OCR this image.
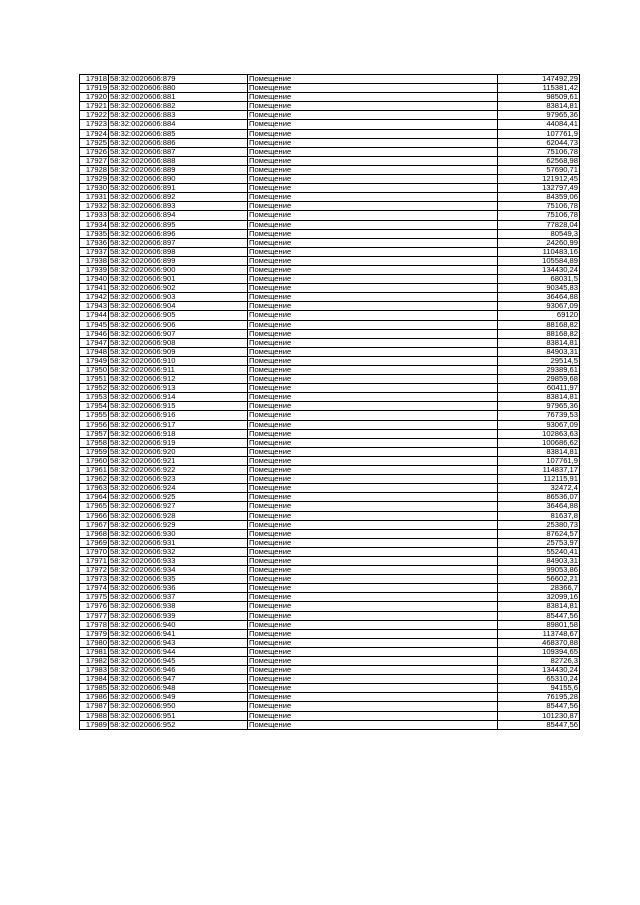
17918	58:32:0020606:879	Помещение	147492,29
17919	58:32:0020606:880	Помещение	115381,42
17920	58:32:0020606:881	Помещение	98509,61
17921	58:32:0020606:882	Помещение	83814,81
17922	58:32:0020606:883	Помещение	97965,36
17923	58:32:0020606:884	Помещение	44084,41
17924	58:32:0020606:885	Помещение	107761,9
17925	58:32:0020606:886	Помещение	62044,73
17926	58:32:0020606:887	Помещение	75106,78
17927	58:32:0020606:888	Помещение	62568,98
17928	58:32:0020606:889	Помещение	57690,71
17929	58:32:0020606:890	Помещение	121912,45
17930	58:32:0020606:891	Помещение	132797,49
17931	58:32:0020606:892	Помещение	84359,06
17932	58:32:0020606:893	Помещение	75106,78
17933	58:32:0020606:894	Помещение	75106,78
17934	58:32:0020606:895	Помещение	77828,04
17935	58:32:0020606:896	Помещение	80549,3
17936	58:32:0020606:897	Помещение	24260,99
17937	58:32:0020606:898	Помещение	110483,16
17938	58:32:0020606:899	Помещение	105584,89
17939	58:32:0020606:900	Помещение	134430,24
17940	58:32:0020606:901	Помещение	68031,5
17941	58:32:0020606:902	Помещение	90345,83
17942	58:32:0020606:903	Помещение	36464,88
17943	58:32:0020606:904	Помещение	93067,09
17944	58:32:0020606:905	Помещение	69120
17945	58:32:0020606:906	Помещение	88168,82
17946	58:32:0020606:907	Помещение	88168,82
17947	58:32:0020606:908	Помещение	83814,81
17948	58:32:0020606:909	Помещение	84903,31
17949	58:32:0020606:910	Помещение	29514,5
17950	58:32:0020606:911	Помещение	29389,61
17951	58:32:0020606:912	Помещение	29859,68
17952	58:32:0020606:913	Помещение	60411,97
17953	58:32:0020606:914	Помещение	83814,81
17954	58:32:0020606:915	Помещение	97965,36
17955	58:32:0020606:916	Помещение	76739,53
17956	58:32:0020606:917	Помещение	93067,09
17957	58:32:0020606:918	Помещение	102863,63
17958	58:32:0020606:919	Помещение	100686,62
17959	58:32:0020606:920	Помещение	83814,81
17960	58:32:0020606:921	Помещение	107761,9
17961	58:32:0020606:922	Помещение	114837,17
17962	58:32:0020606:923	Помещение	112115,91
17963	58:32:0020606:924	Помещение	32472,4
17964	58:32:0020606:925	Помещение	86536,07
17965	58:32:0020606:927	Помещение	36464,88
17966	58:32:0020606:928	Помещение	81637,8
17967	58:32:0020606:929	Помещение	25380,73
17968	58:32:0020606:930	Помещение	87624,57
17969	58:32:0020606:931	Помещение	25753,97
17970	58:32:0020606:932	Помещение	55240,41
17971	58:32:0020606:933	Помещение	84903,31
17972	58:32:0020606:934	Помещение	99053,86
17973	58:32:0020606:935	Помещение	56602,21
17974	58:32:0020606:936	Помещение	28366,7
17975	58:32:0020606:937	Помещение	32099,16
17976	58:32:0020606:938	Помещение	83814,81
17977	58:32:0020606:939	Помещение	85447,56
17978	58:32:0020606:940	Помещение	89801,58
17979	58:32:0020606:941	Помещение	113748,67
17980	58:32:0020606:943	Помещение	468370,88
17981	58:32:0020606:944	Помещение	109394,65
17982	58:32:0020606:945	Помещение	82726,3
17983	58:32:0020606:946	Помещение	134430,24
17984	58:32:0020606:947	Помещение	65310,24
17985	58:32:0020606:948	Помещение	94155,6
17986	58:32:0020606:949	Помещение	76195,28
17987	58:32:0020606:950	Помещение	85447,56
17988	58:32:0020606:951	Помещение	101230,87
17989	58:32:0020606:952	Помещение	85447,56
